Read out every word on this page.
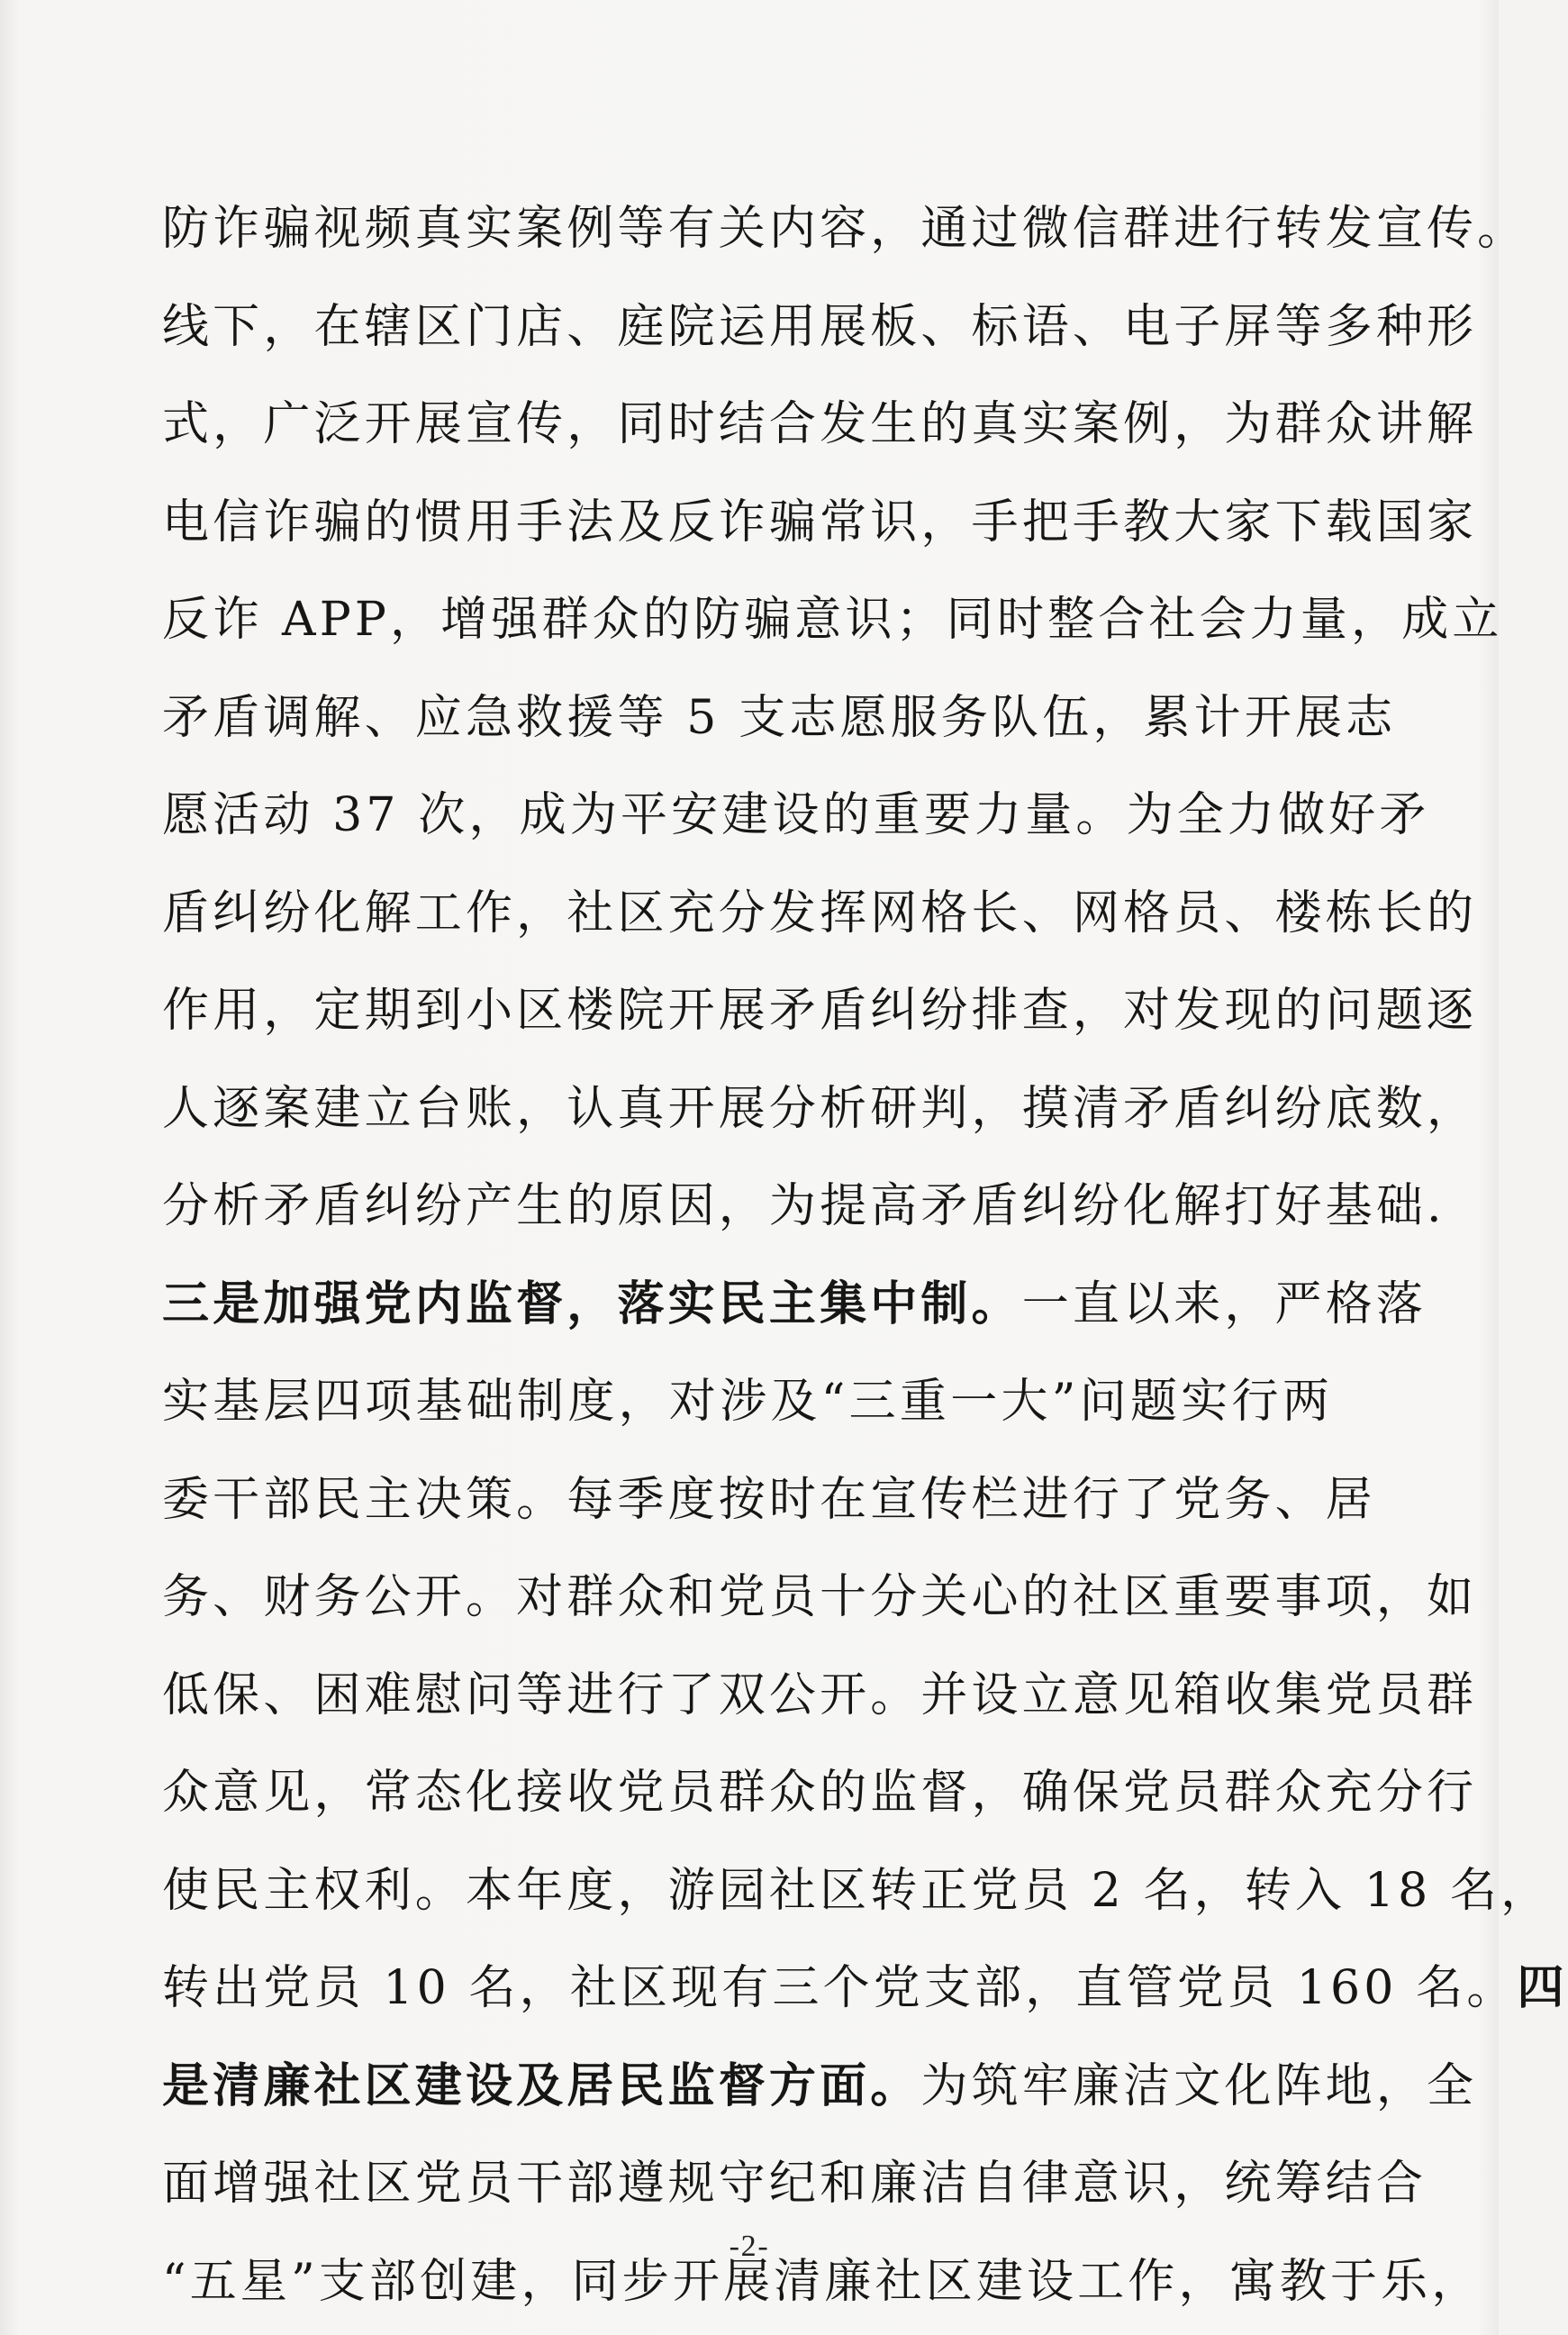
防诈骗视频真实案例等有关内容，通过微信群进行转发宣传。
线下，在辖区门店、庭院运用展板、标语、电子屏等多种形
式，广泛开展宣传，同时结合发生的真实案例，为群众讲解
电信诈骗的惯用手法及反诈骗常识，手把手教大家下载国家
反诈 APP，增强群众的防骗意识；同时整合社会力量，成立
矛盾调解、应急救援等 5 支志愿服务队伍，累计开展志
愿活动 37 次，成为平安建设的重要力量。为全力做好矛
盾纠纷化解工作，社区充分发挥网格长、网格员、楼栋长的
作用，定期到小区楼院开展矛盾纠纷排查，对发现的问题逐
人逐案建立台账，认真开展分析研判，摸清矛盾纠纷底数，
分析矛盾纠纷产生的原因，为提高矛盾纠纷化解打好基础.
三是加强党内监督，落实民主集中制。一直以来，严格落
实基层四项基础制度，对涉及“三重一大”问题实行两
委干部民主决策。每季度按时在宣传栏进行了党务、居
务、财务公开。对群众和党员十分关心的社区重要事项，如
低保、困难慰问等进行了双公开。并设立意见箱收集党员群
众意见，常态化接收党员群众的监督，确保党员群众充分行
使民主权利。本年度，游园社区转正党员 2 名，转入 18 名，
转出党员 10 名，社区现有三个党支部，直管党员 160 名。四
是清廉社区建设及居民监督方面。为筑牢廉洁文化阵地，全
面增强社区党员干部遵规守纪和廉洁自律意识，统筹结合
“五星”支部创建，同步开展清廉社区建设工作，寓教于乐，
-2-
